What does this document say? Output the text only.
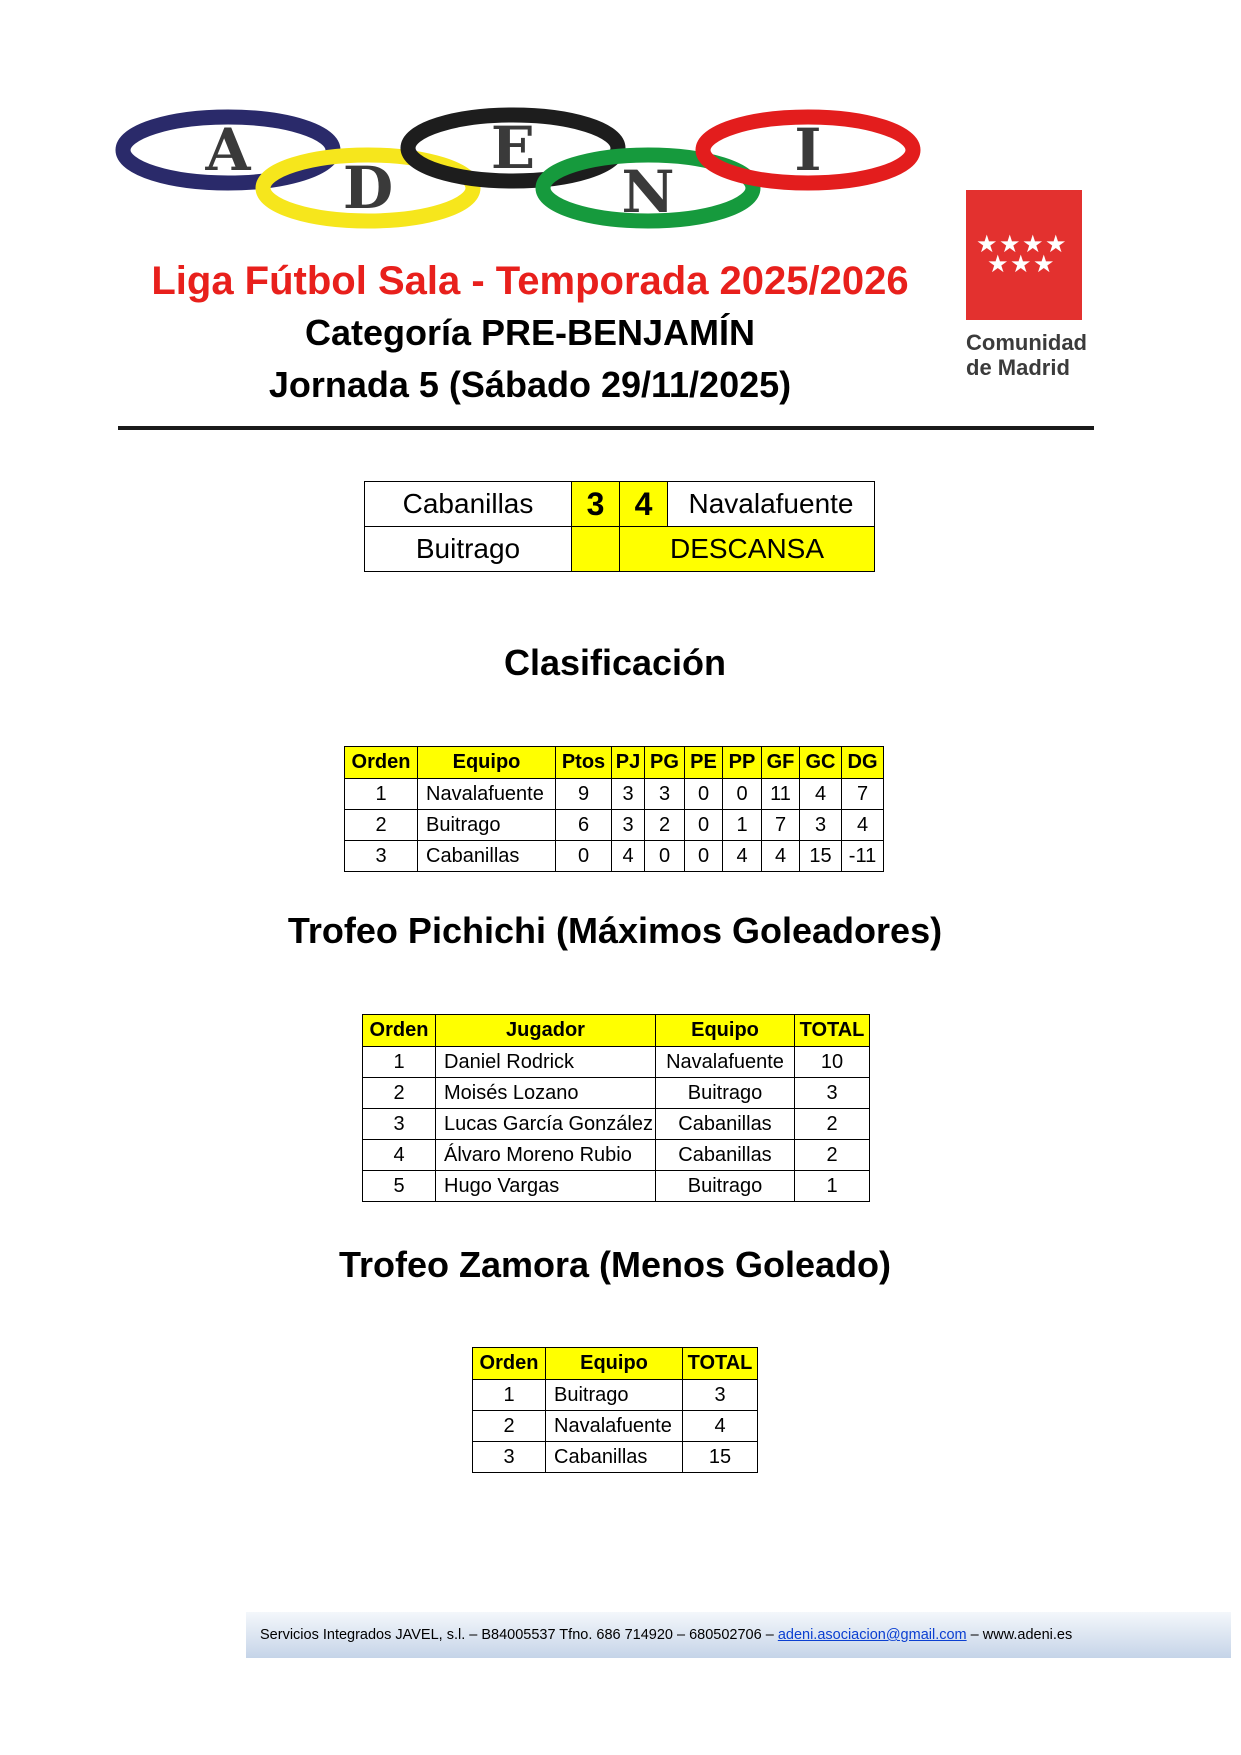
A
D
E
N
I
★ ★ ★ ★
★ ★ ★
Comunidad
de Madrid
Liga Fútbol Sala - Temporada 2025/2026
Categoría PRE-BENJAMÍN
Jornada 5 (Sábado 29/11/2025)
Cabanillas	3	4	Navalafuente
Buitrago		DESCANSA	
Clasificación
Orden	Equipo	Ptos	PJ	PG	PE	PP	GF	GC	DG
1	Navalafuente	9	3	3	0	0	11	4	7
2	Buitrago	6	3	2	0	1	7	3	4
3	Cabanillas	0	4	0	0	4	4	15	-11
Trofeo Pichichi (Máximos Goleadores)
Orden	Jugador	Equipo	TOTAL
1	Daniel Rodrick	Navalafuente	10
2	Moisés Lozano	Buitrago	3
3	Lucas García González	Cabanillas	2
4	Álvaro Moreno Rubio	Cabanillas	2
5	Hugo Vargas	Buitrago	1
Trofeo Zamora (Menos Goleado)
Orden	Equipo	TOTAL
1	Buitrago	3
2	Navalafuente	4
3	Cabanillas	15
Servicios Integrados JAVEL, s.l. – B84005537 Tfno. 686 714920 – 680502706 – adeni.asociacion@gmail.com – www.adeni.es
